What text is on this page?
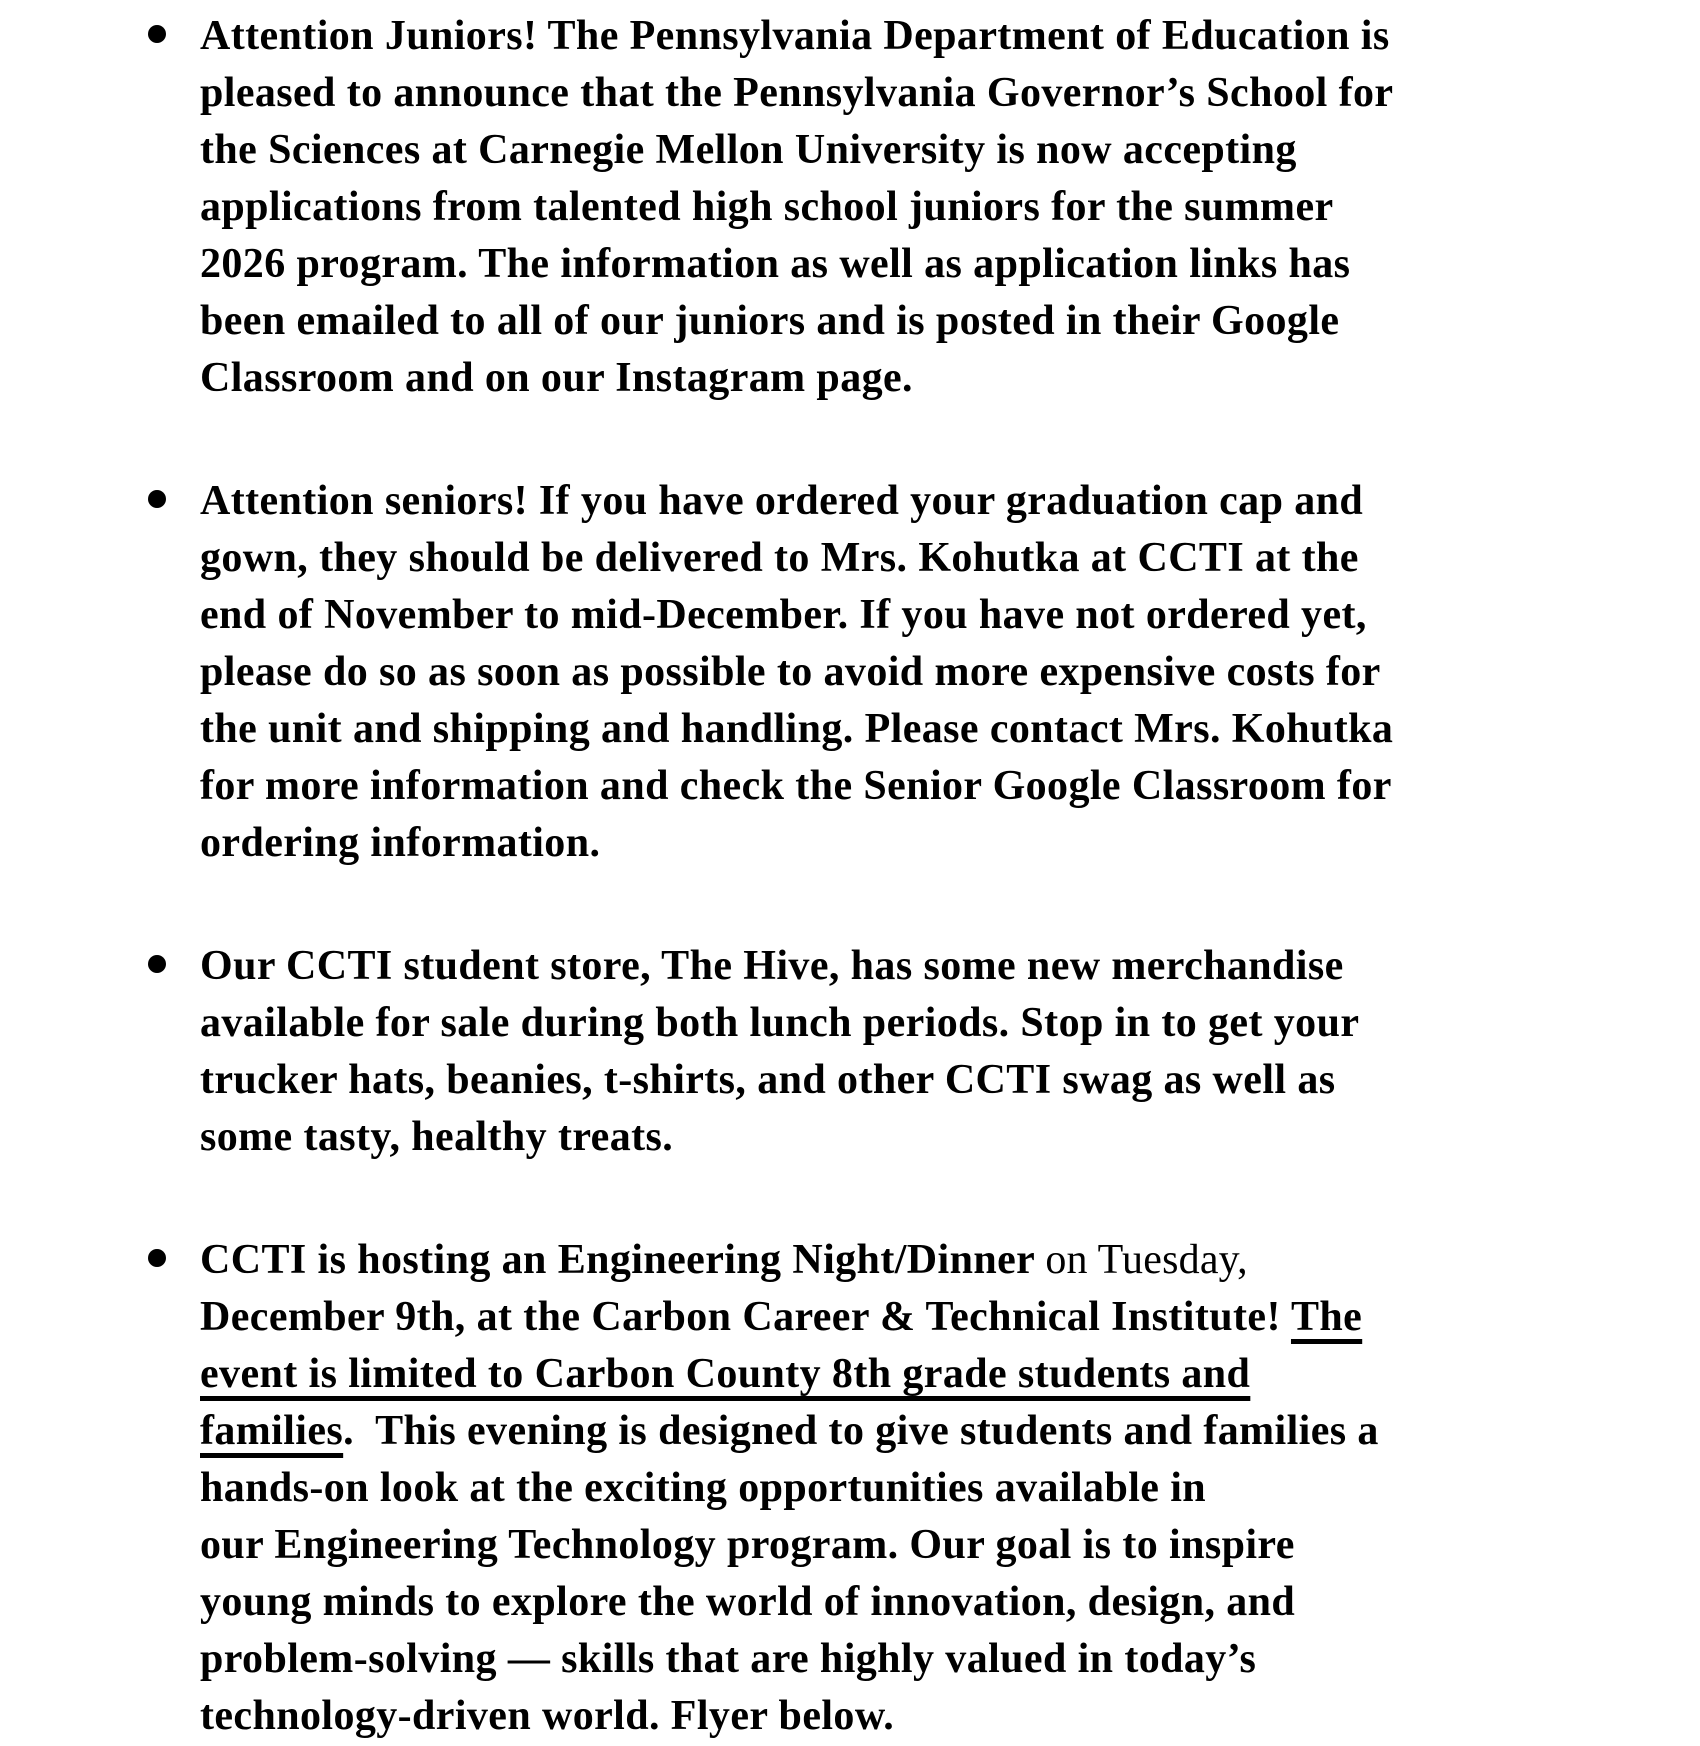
Attention Juniors! The Pennsylvania Department of Education is
pleased to announce that the Pennsylvania Governor’s School for
the Sciences at Carnegie Mellon University is now accepting
applications from talented high school juniors for the summer
2026 program. The information as well as application links has
been emailed to all of our juniors and is posted in their Google
Classroom and on our Instagram page.
Attention seniors! If you have ordered your graduation cap and
gown, they should be delivered to Mrs. Kohutka at CCTI at the
end of November to mid-December. If you have not ordered yet,
please do so as soon as possible to avoid more expensive costs for
the unit and shipping and handling. Please contact Mrs. Kohutka
for more information and check the Senior Google Classroom for
ordering information.
Our CCTI student store, The Hive, has some new merchandise
available for sale during both lunch periods. Stop in to get your
trucker hats, beanies, t-shirts, and other CCTI swag as well as
some tasty, healthy treats.
CCTI is hosting an Engineering Night/Dinner on Tuesday,
December 9th, at the Carbon Career & Technical Institute! The
event is limited to Carbon County 8th grade students and
families.  This evening is designed to give students and families a
hands-on look at the exciting opportunities available in
our Engineering Technology program. Our goal is to inspire
young minds to explore the world of innovation, design, and
problem-solving — skills that are highly valued in today’s
technology-driven world. Flyer below.
